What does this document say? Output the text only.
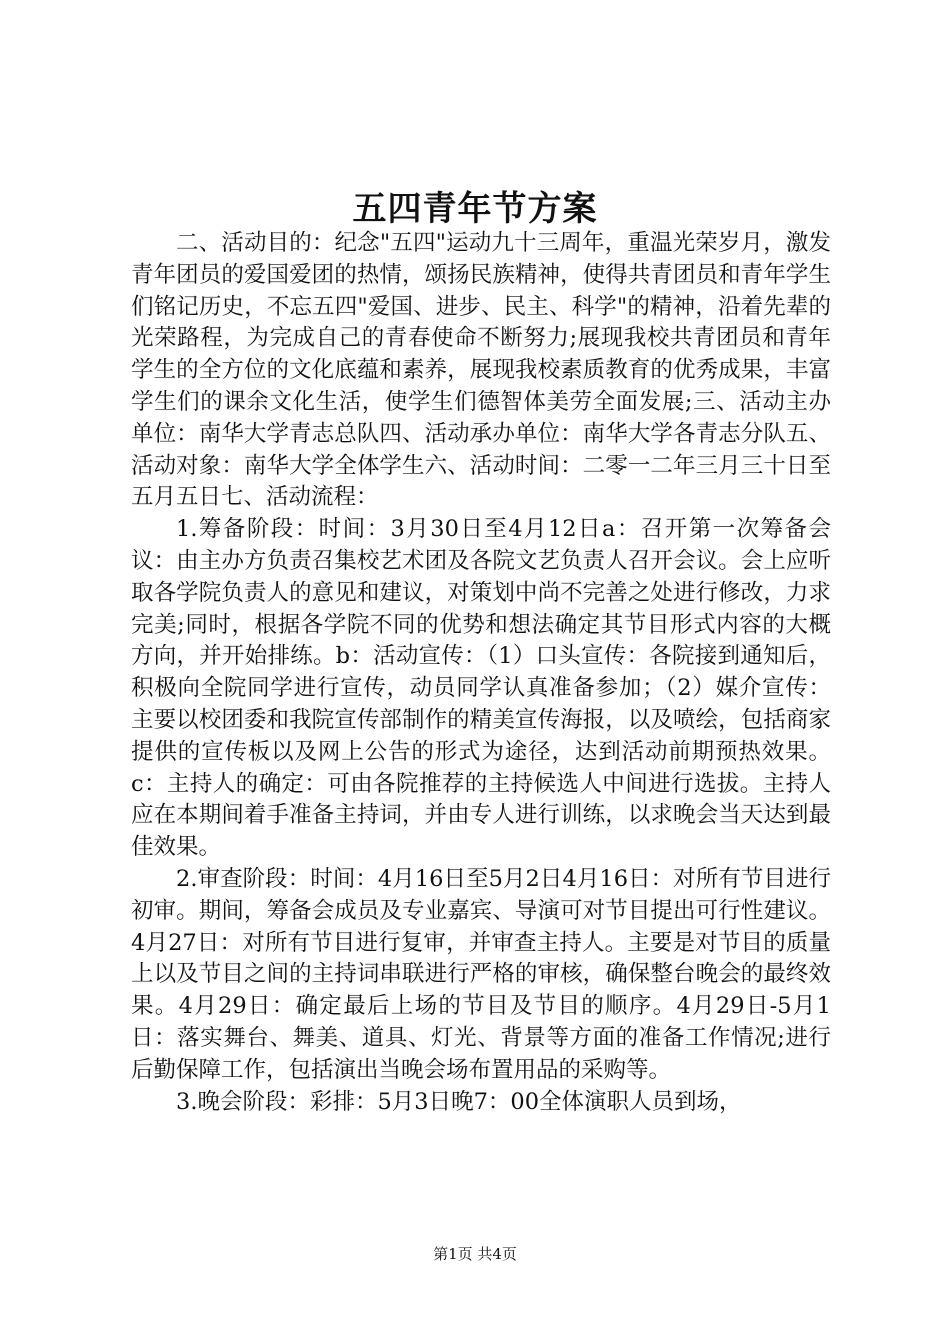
五四青年节方案

二、活动目的：纪念"五四"运动九十三周年，重温光荣岁月，激发青年团员的爱国爱团的热情，颂扬民族精神，使得共青团员和青年学生们铭记历史，不忘五四"爱国、进步、民主、科学"的精神，沿着先辈的光荣路程，为完成自己的青春使命不断努力;展现我校共青团员和青年学生的全方位的文化底蕴和素养，展现我校素质教育的优秀成果，丰富学生们的课余文化生活，使学生们德智体美劳全面发展;三、活动主办单位：南华大学青志总队四、活动承办单位：南华大学各青志分队五、活动对象：南华大学全体学生六、活动时间：二零一二年三月三十日至五月五日七、活动流程：

1.筹备阶段：时间：3月30日至4月12日a：召开第一次筹备会议：由主办方负责召集校艺术团及各院文艺负责人召开会议。会上应听取各学院负责人的意见和建议，对策划中尚不完善之处进行修改，力求完美;同时，根据各学院不同的优势和想法确定其节目形式内容的大概方向，并开始排练。b：活动宣传：（1）口头宣传：各院接到通知后，积极向全院同学进行宣传，动员同学认真准备参加；（2）媒介宣传：主要以校团委和我院宣传部制作的精美宣传海报，以及喷绘，包括商家提供的宣传板以及网上公告的形式为途径，达到活动前期预热效果。c：主持人的确定：可由各院推荐的主持候选人中间进行选拔。主持人应在本期间着手准备主持词，并由专人进行训练，以求晚会当天达到最佳效果。

2.审查阶段：时间：4月16日至5月2日4月16日：对所有节目进行初审。期间，筹备会成员及专业嘉宾、导演可对节目提出可行性建议。4月27日：对所有节目进行复审，并审查主持人。主要是对节目的质量上以及节目之间的主持词串联进行严格的审核，确保整台晚会的最终效果。4月29日：确定最后上场的节目及节目的顺序。4月29日-5月1日：落实舞台、舞美、道具、灯光、背景等方面的准备工作情况;进行后勤保障工作，包括演出当晚会场布置用品的采购等。

3.晚会阶段：彩排：5月3日晚7：00全体演职人员到场，

第1页 共4页
